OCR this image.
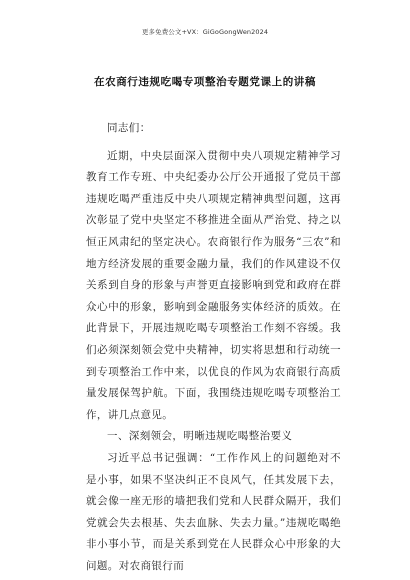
更多免费公文+VX：GiGoGongWen2024
在农商行违规吃喝专项整治专题党课上的讲稿

同志们：

近期，中央层面深入贯彻中央八项规定精神学习教育工作专班、中央纪委办公厅公开通报了党员干部违规吃喝严重违反中央八项规定精神典型问题，这再次彰显了党中央坚定不移推进全面从严治党、持之以恒正风肃纪的坚定决心。农商银行作为服务“三农”和地方经济发展的重要金融力量，我们的作风建设不仅关系到自身的形象与声誉更直接影响到党和政府在群众心中的形象，影响到金融服务实体经济的质效。在此背景下，开展违规吃喝专项整治工作刻不容缓。我们必须深刻领会党中央精神，切实将思想和行动统一到专项整治工作中来，以优良的作风为农商银行高质量发展保驾护航。下面，我围绕违规吃喝专项整治工作，讲几点意见。

一、深刻领会，明晰违规吃喝整治要义

习近平总书记强调：“工作作风上的问题绝对不是小事，如果不坚决纠正不良风气，任其发展下去，就会像一座无形的墙把我们党和人民群众隔开，我们党就会失去根基、失去血脉、失去力量。”违规吃喝绝非小事小节，而是关系到党在人民群众心中形象的大问题。对农商银行而
